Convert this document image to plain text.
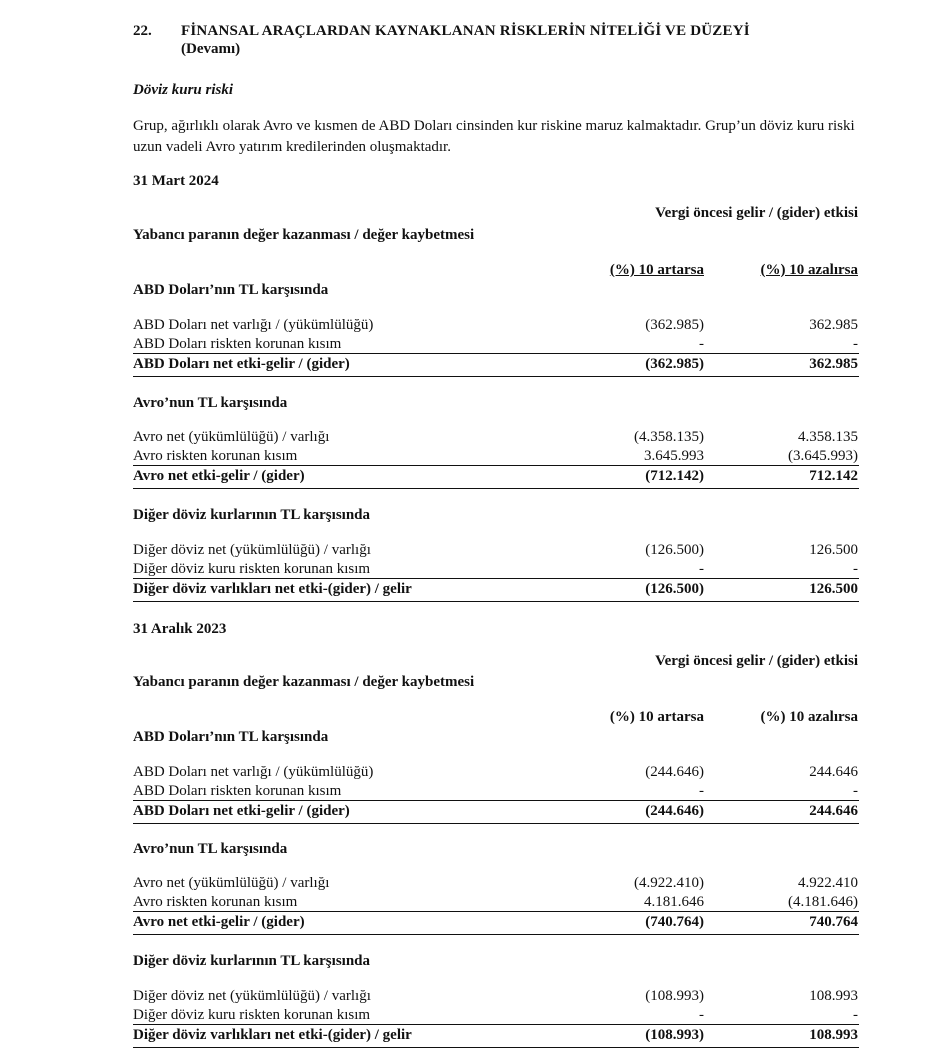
22. FİNANSAL ARAÇLARDAN KAYNAKLANAN RİSKLERİN NİTELİĞİ VE DÜZEYİ
(Devamı)
Döviz kuru riski
Grup, ağırlıklı olarak Avro ve kısmen de ABD Doları cinsinden kur riskine maruz kalmaktadır. Grup’un döviz kuru riski uzun vadeli Avro yatırım kredilerinden oluşmaktadır.
31 Mart 2024
Vergi öncesi gelir / (gider) etkisi
Yabancı paranın değer kazanması / değer kaybetmesi
(%) 10 artarsa	(%) 10 azalırsa
ABD Doları’nın TL karşısında
ABD Doları net varlığı / (yükümlülüğü)	(362.985)	362.985
ABD Doları riskten korunan kısım	-	-
ABD Doları net etki-gelir / (gider)	(362.985)	362.985
Avro’nun TL karşısında
Avro net (yükümlülüğü) / varlığı	(4.358.135)	4.358.135
Avro riskten korunan kısım	3.645.993	(3.645.993)
Avro net etki-gelir / (gider)	(712.142)	712.142
Diğer döviz kurlarının TL karşısında
Diğer döviz net (yükümlülüğü) / varlığı	(126.500)	126.500
Diğer döviz kuru riskten korunan kısım	-	-
Diğer döviz varlıkları net etki-(gider) / gelir	(126.500)	126.500
31 Aralık 2023
Vergi öncesi gelir / (gider) etkisi
Yabancı paranın değer kazanması / değer kaybetmesi
(%) 10 artarsa	(%) 10 azalırsa
ABD Doları’nın TL karşısında
ABD Doları net varlığı / (yükümlülüğü)	(244.646)	244.646
ABD Doları riskten korunan kısım	-	-
ABD Doları net etki-gelir / (gider)	(244.646)	244.646
Avro’nun TL karşısında
Avro net (yükümlülüğü) / varlığı	(4.922.410)	4.922.410
Avro riskten korunan kısım	4.181.646	(4.181.646)
Avro net etki-gelir / (gider)	(740.764)	740.764
Diğer döviz kurlarının TL karşısında
Diğer döviz net (yükümlülüğü) / varlığı	(108.993)	108.993
Diğer döviz kuru riskten korunan kısım	-	-
Diğer döviz varlıkları net etki-(gider) / gelir	(108.993)	108.993
